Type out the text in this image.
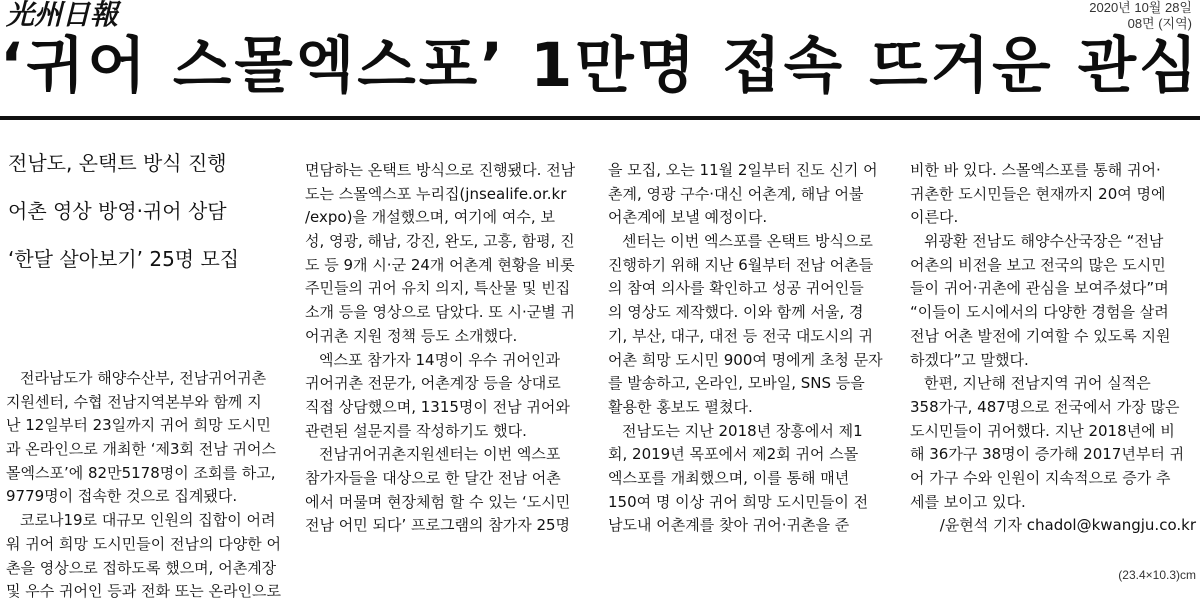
光州日報	2020년 10월 28일
08면 (지역)
‘귀어 스몰엑스포’ 1만명 접속 뜨거운 관심
전남도, 온택트 방식 진행
어촌 영상 방영·귀어 상담
‘한달 살아보기’ 25명 모집
전라남도가 해양수산부, 전남귀어귀촌
지원센터, 수협 전남지역본부와 함께 지
난 12일부터 23일까지 귀어 희망 도시민
과 온라인으로 개최한 ‘제3회 전남 귀어스
몰엑스포’에 82만5178명이 조회를 하고,
9779명이 접속한 것으로 집계됐다.
코로나19로 대규모 인원의 집합이 어려
워 귀어 희망 도시민들이 전남의 다양한 어
촌을 영상으로 접하도록 했으며, 어촌계장
및 우수 귀어인 등과 전화 또는 온라인으로
면담하는 온택트 방식으로 진행됐다. 전남
도는 스몰엑스포 누리집(jnsealife.or.kr
/expo)을 개설했으며, 여기에 여수, 보
성, 영광, 해남, 강진, 완도, 고흥, 함평, 진
도 등 9개 시·군 24개 어촌계 현황을 비롯
주민들의 귀어 유치 의지, 특산물 및 빈집
소개 등을 영상으로 담았다. 또 시·군별 귀
어귀촌 지원 정책 등도 소개했다.
엑스포 참가자 14명이 우수 귀어인과
귀어귀촌 전문가, 어촌계장 등을 상대로
직접 상담했으며, 1315명이 전남 귀어와
관련된 설문지를 작성하기도 했다.
전남귀어귀촌지원센터는 이번 엑스포
참가자들을 대상으로 한 달간 전남 어촌
에서 머물며 현장체험 할 수 있는 ‘도시민
전남 어민 되다’ 프로그램의 참가자 25명
을 모집, 오는 11월 2일부터 진도 신기 어
촌계, 영광 구수·대신 어촌계, 해남 어불
어촌계에 보낼 예정이다.
센터는 이번 엑스포를 온택트 방식으로
진행하기 위해 지난 6월부터 전남 어촌들
의 참여 의사를 확인하고 성공 귀어인들
의 영상도 제작했다. 이와 함께 서울, 경
기, 부산, 대구, 대전 등 전국 대도시의 귀
어촌 희망 도시민 900여 명에게 초청 문자
를 발송하고, 온라인, 모바일, SNS 등을
활용한 홍보도 펼쳤다.
전남도는 지난 2018년 장흥에서 제1
회, 2019년 목포에서 제2회 귀어 스몰
엑스포를 개최했으며, 이를 통해 매년
150여 명 이상 귀어 희망 도시민들이 전
남도내 어촌계를 찾아 귀어·귀촌을 준
비한 바 있다. 스몰엑스포를 통해 귀어·
귀촌한 도시민들은 현재까지 20여 명에
이른다.
위광환 전남도 해양수산국장은 “전남
어촌의 비전을 보고 전국의 많은 도시민
들이 귀어·귀촌에 관심을 보여주셨다”며
“이들이 도시에서의 다양한 경험을 살려
전남 어촌 발전에 기여할 수 있도록 지원
하겠다”고 말했다.
한편, 지난해 전남지역 귀어 실적은
358가구, 487명으로 전국에서 가장 많은
도시민들이 귀어했다. 지난 2018년에 비
해 36가구 38명이 증가해 2017년부터 귀
어 가구 수와 인원이 지속적으로 증가 추
세를 보이고 있다.
/윤현석 기자 chadol@kwangju.co.kr
(23.4×10.3)cm
